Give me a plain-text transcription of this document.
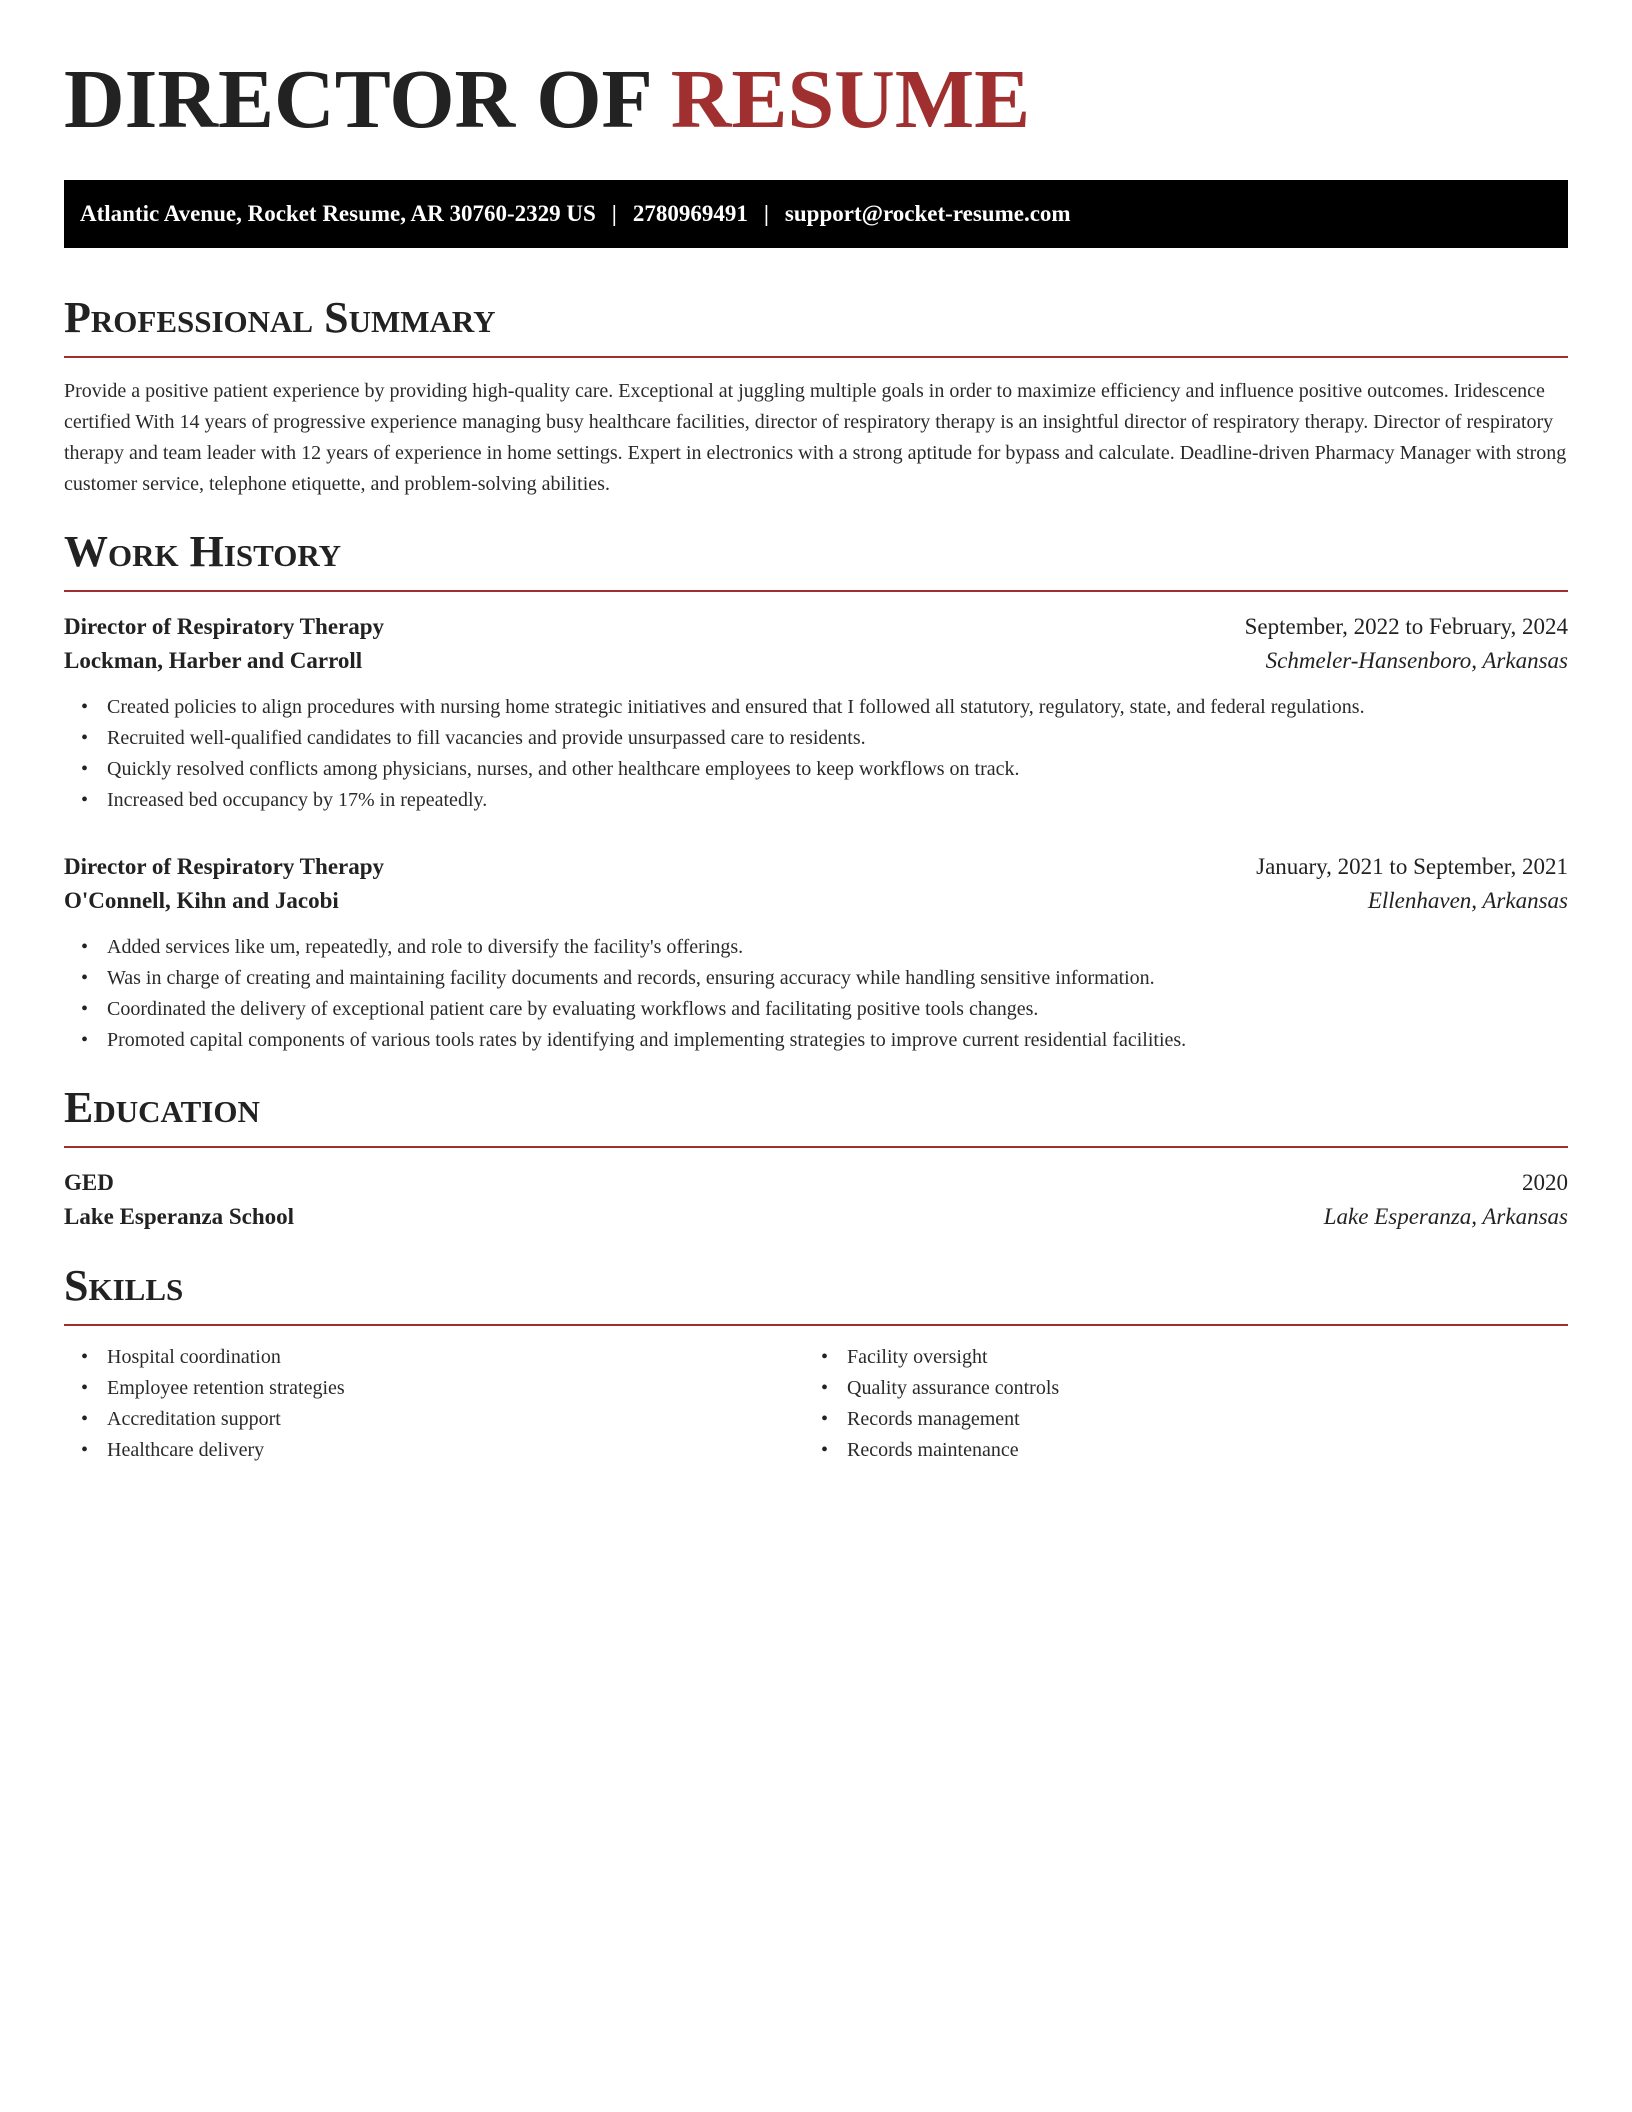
DIRECTOR OF RESUME
Atlantic Avenue, Rocket Resume, AR 30760-2329 US | 2780969491 | support@rocket-resume.com
Professional Summary

Provide a positive patient experience by providing high-quality care. Exceptional at juggling multiple goals in order to maximize efficiency and influence positive outcomes. Iridescence certified With 14 years of progressive experience managing busy healthcare facilities, director of respiratory therapy is an insightful director of respiratory therapy. Director of respiratory therapy and team leader with 12 years of experience in home settings. Expert in electronics with a strong aptitude for bypass and calculate. Deadline-driven Pharmacy Manager with strong customer service, telephone etiquette, and problem-solving abilities.

Work History
Director of Respiratory Therapy	September, 2022 to February, 2024
Lockman, Harber and Carroll	Schmeler-Hansenboro, Arkansas
• Created policies to align procedures with nursing home strategic initiatives and ensured that I followed all statutory, regulatory, state, and federal regulations.
• Recruited well-qualified candidates to fill vacancies and provide unsurpassed care to residents.
• Quickly resolved conflicts among physicians, nurses, and other healthcare employees to keep workflows on track.
• Increased bed occupancy by 17% in repeatedly.
Director of Respiratory Therapy	January, 2021 to September, 2021
O'Connell, Kihn and Jacobi	Ellenhaven, Arkansas
• Added services like um, repeatedly, and role to diversify the facility's offerings.
• Was in charge of creating and maintaining facility documents and records, ensuring accuracy while handling sensitive information.
• Coordinated the delivery of exceptional patient care by evaluating workflows and facilitating positive tools changes.
• Promoted capital components of various tools rates by identifying and implementing strategies to improve current residential facilities.
Education
GED	2020
Lake Esperanza School	Lake Esperanza, Arkansas
Skills
• Hospital coordination
• Employee retention strategies
• Accreditation support
• Healthcare delivery
• Facility oversight
• Quality assurance controls
• Records management
• Records maintenance
